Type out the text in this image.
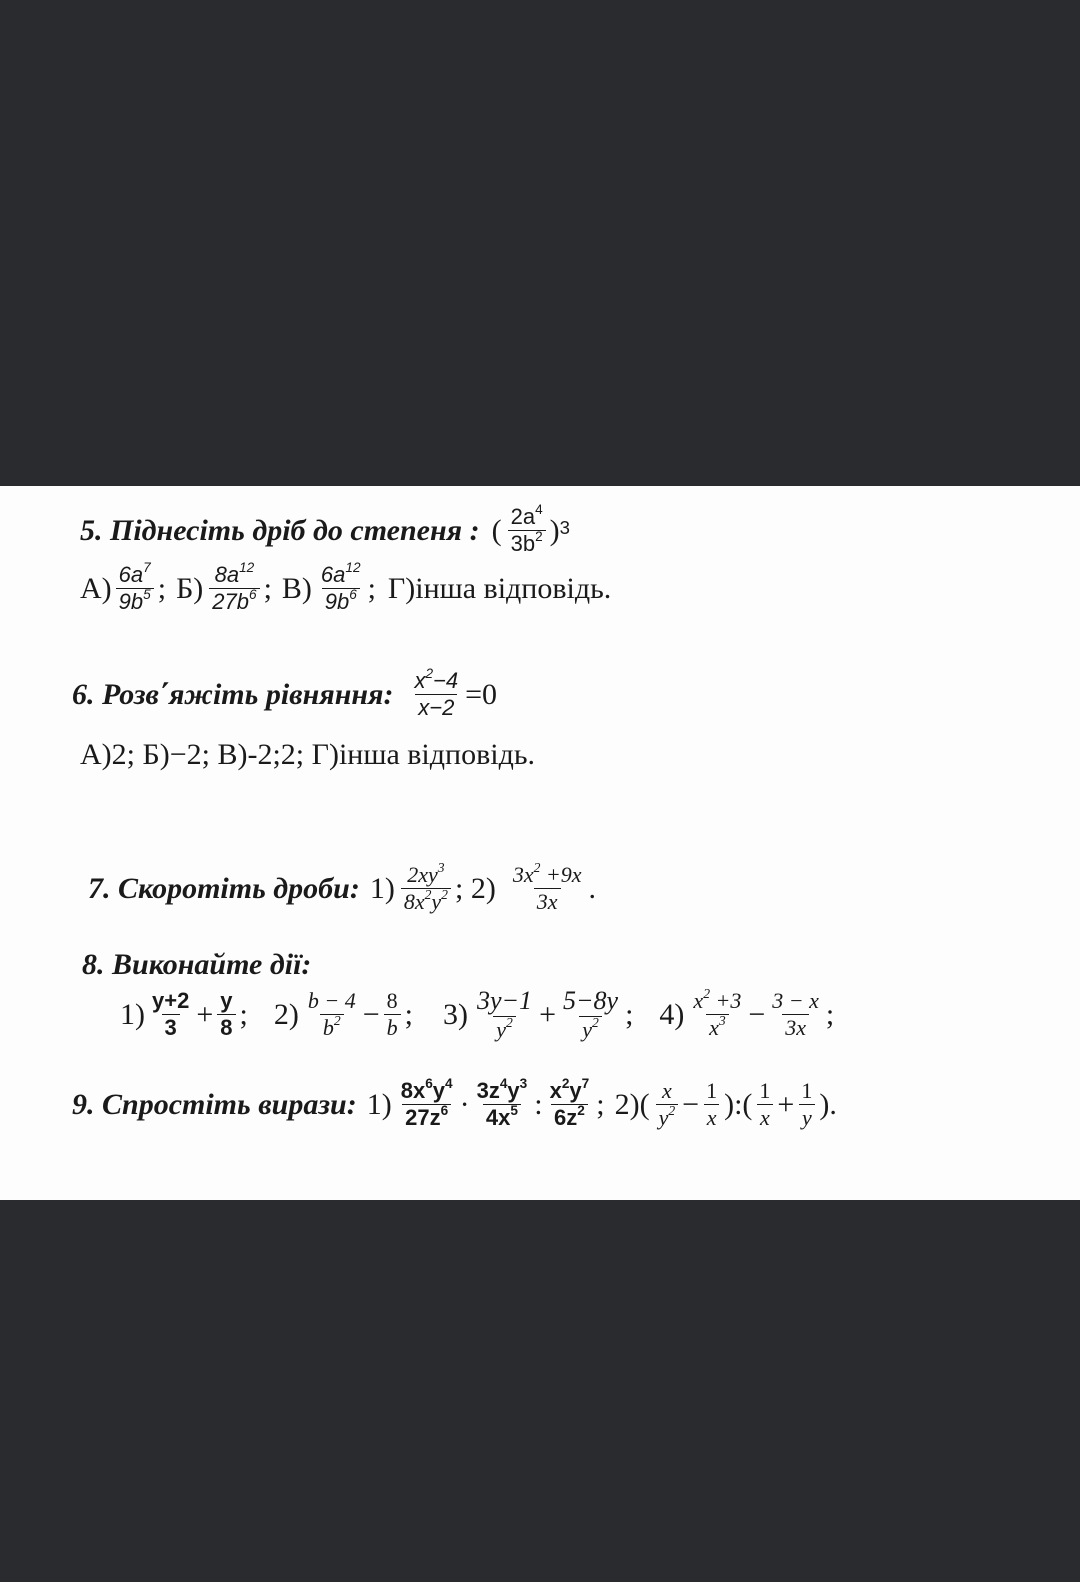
5. Піднесіть дріб до степеня : ( $\frac{2a^4}{3b^2} )^3$
$А) \frac{6a^7}{9b^5}$ ; $Б) \frac{8a^{12}}{27b^6}$ ; $В) \frac{6a^{12}}{9b^6}$ ; Г)інша відповідь.
6. Розв΄яжіть рівняння: $\frac{x^2-4}{x-2} =0$
А)2; Б)−2; В)-2;2; Г)інша відповідь.
7. Скоротіть дроби: $1) \frac{2xy^3}{8x^2y^2}$ ; $2) \frac{3x^2 +9x}{3x}$ .
8. Виконайте дії:
$1) \frac{y+2}{3} + \frac{y}{8}$ ; $2) \frac{b - 4}{b^2} - \frac{8}{b}$ ; $3) \frac{3y-1}{y^2} + \frac{5-8y}{y^2}$ ; $4) \frac{x^2 +3}{x^3} - \frac{3 - x}{3x}$ ;
9. Спростіть вирази: $1) \frac{8x^6y^4}{27z^6} \cdot \frac{3z^4y^3}{4x^5}$ : $\frac{x^2y^7}{6z^2}$ ; $2)( \frac{x}{y^2} - \frac{1}{x}$ ):( $\frac{1}{x} + \frac{1}{y}$ ).
